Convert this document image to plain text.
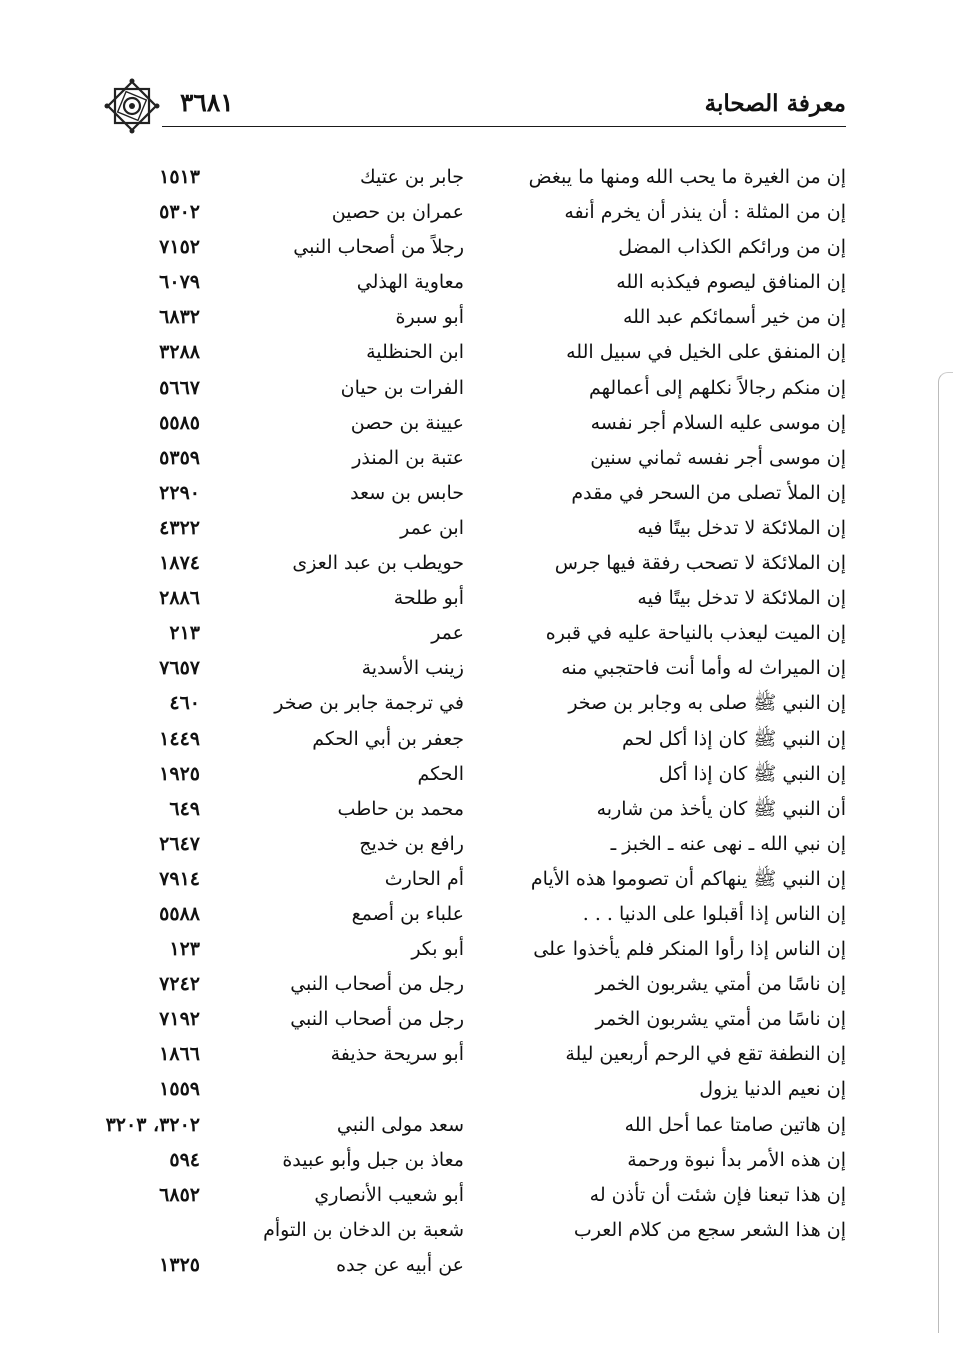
٣٦٨١	معرفة الصحابة
إن من الغيرة ما يحب الله ومنها ما يبغض
جابر بن عتيك
١٥١٣
إن من المثلة : أن ينذر أن يخرم أنفه
عمران بن حصين
٥٣٠٢
إن من ورائكم الكذاب المضل
رجلاً من أصحاب النبي
٧١٥٢
إن المنافق ليصوم فيكذبه الله
معاوية الهذلي
٦٠٧٩
إن من خير أسمائكم عبد الله
أبو سبرة
٦٨٣٢
إن المنفق على الخيل في سبيل الله
ابن الحنظلية
٣٢٨٨
إن منكم رجالاً نكلهم إلى أعمالهم
الفرات بن حيان
٥٦٦٧
إن موسى عليه السلام أجر نفسه
عيينة بن حصن
٥٥٨٥
إن موسى أجر نفسه ثماني سنين
عتبة بن المنذر
٥٣٥٩
إن الملأ تصلى من السحر في مقدم
حابس بن سعد
٢٢٩٠
إن الملائكة لا تدخل بيتًا فيه
ابن عمر
٤٣٢٢
إن الملائكة لا تصحب رفقة فيها جرس
حويطب بن عبد العزى
١٨٧٤
إن الملائكة لا تدخل بيتًا فيه
أبو طلحة
٢٨٨٦
إن الميت ليعذب بالنياحة عليه في قبره
عمر
٢١٣
إن الميراث له وأما أنت فاحتجبي منه
زينب الأسدية
٧٦٥٧
إن النبي ﷺ صلى به وجابر بن صخر
في ترجمة جابر بن صخر
٤٦٠
إن النبي ﷺ كان إذا أكل لحم
جعفر بن أبي الحكم
١٤٤٩
إن النبي ﷺ كان إذا أكل
الحكم
١٩٢٥
أن النبي ﷺ كان يأخذ من شاربه
محمد بن حاطب
٦٤٩
إن نبي الله ـ نهى عنه ـ الخبز ـ
رافع بن خديج
٢٦٤٧
إن النبي ﷺ ينهاكم أن تصوموا هذه الأيام
أم الحارث
٧٩١٤
إن الناس إذا أقبلوا على الدنيا . . .
علباء بن أصمع
٥٥٨٨
إن الناس إذا رأوا المنكر فلم يأخذوا على
أبو بكر
١٢٣
إن ناسًا من أمتي يشربون الخمر
رجل من أصحاب النبي
٧٢٤٢
إن ناسًا من أمتي يشربون الخمر
رجل من أصحاب النبي
٧١٩٢
إن النطفة تقع في الرحم أربعين ليلة
أبو سريحة حذيفة
١٨٦٦
إن نعيم الدنيا يزول
١٥٥٩
إن هاتين صامتا عما أحل الله
سعد مولى النبي
٣٢٠٢، ٣٢٠٣
إن هذه الأمر بدأ نبوة ورحمة
معاذ بن جبل وأبو عبيدة
٥٩٤
إن هذا تبعنا فإن شئت أن تأذن له
أبو شعيب الأنصاري
٦٨٥٢
إن هذا الشعر سجع من كلام العرب
شعبة بن الدخان بن التوأم
عن أبيه عن جده
١٣٢٥
